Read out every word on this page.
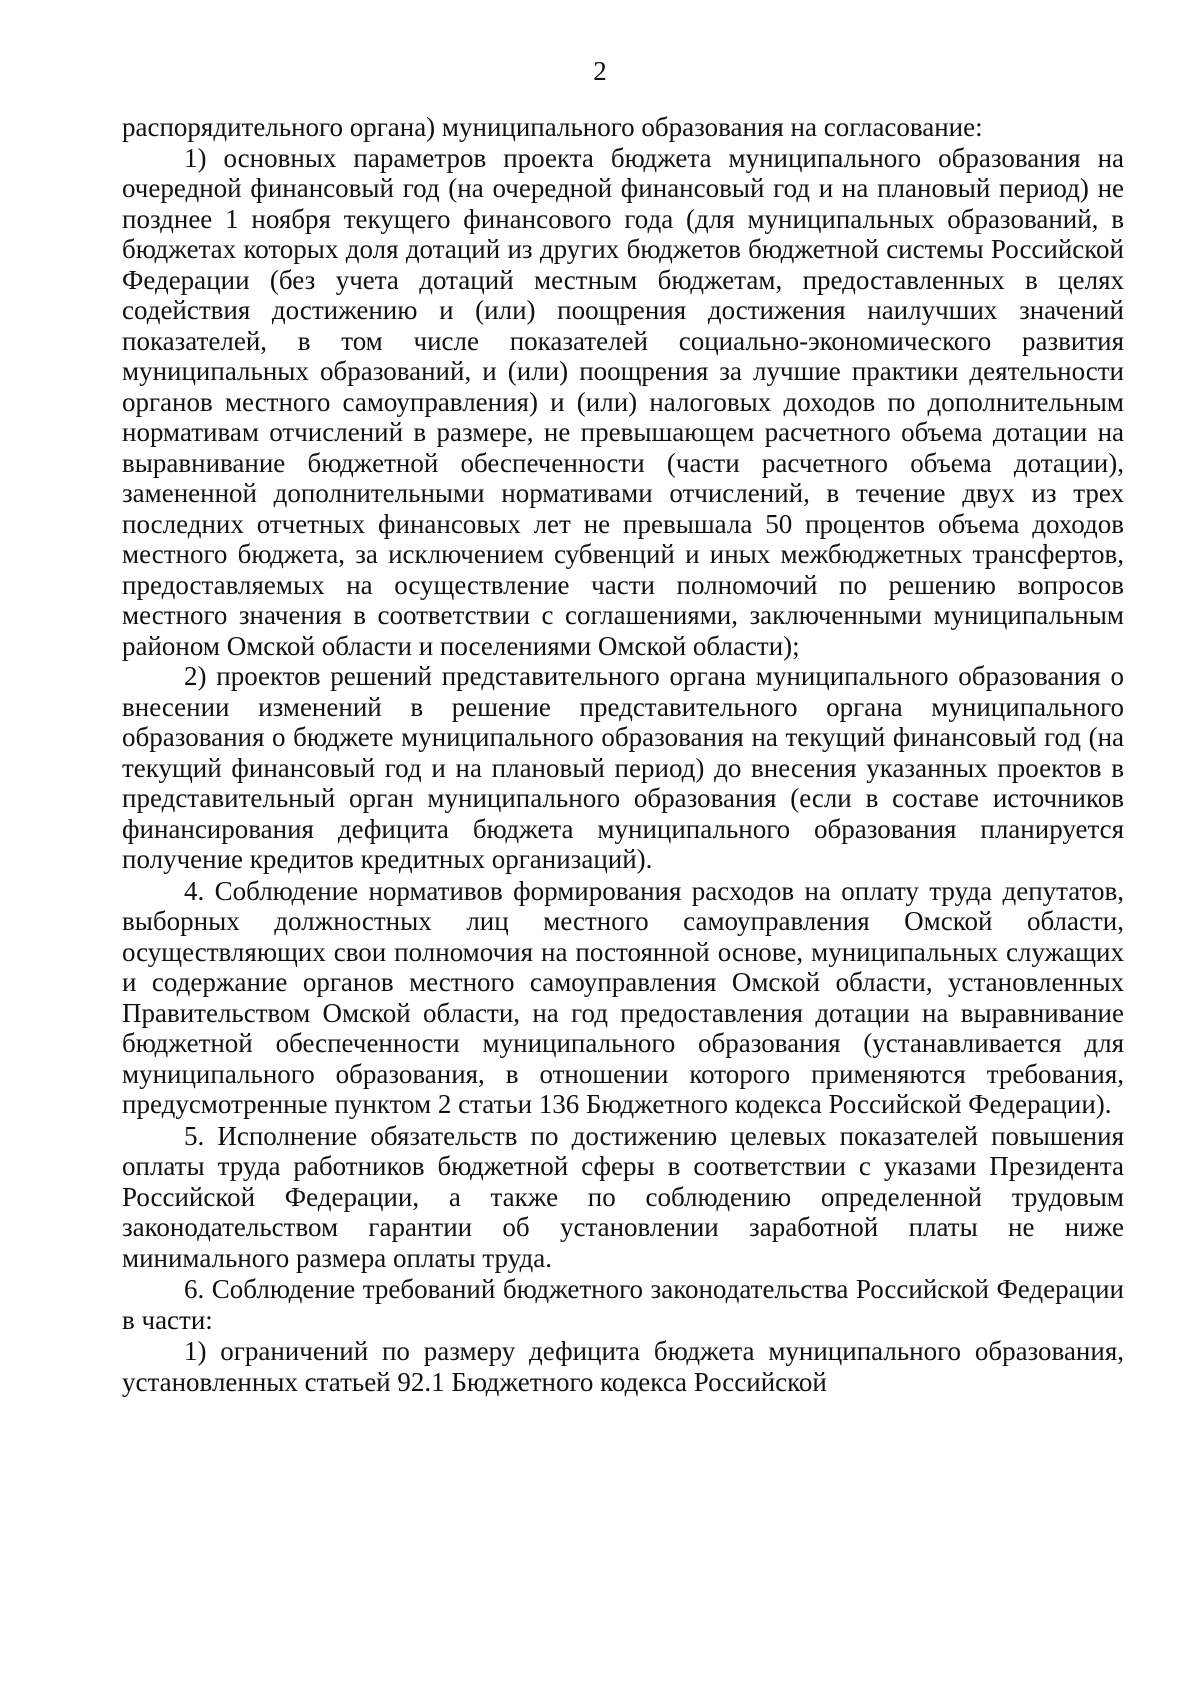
2

распорядительного органа) муниципального образования на согласование:

1) основных параметров проекта бюджета муниципального образования на очередной финансовый год (на очередной финансовый год и на плановый период) не позднее 1 ноября текущего финансового года (для муниципальных образований, в бюджетах которых доля дотаций из других бюджетов бюджетной системы Российской Федерации (без учета дотаций местным бюджетам, предоставленных в целях содействия достижению и (или) поощрения достижения наилучших значений показателей, в том числе показателей социально-экономического развития муниципальных образований, и (или) поощрения за лучшие практики деятельности органов местного самоуправления) и (или) налоговых доходов по дополнительным нормативам отчислений в размере, не превышающем расчетного объема дотации на выравнивание бюджетной обеспеченности (части расчетного объема дотации), замененной дополнительными нормативами отчислений, в течение двух из трех последних отчетных финансовых лет не превышала 50 процентов объема доходов местного бюджета, за исключением субвенций и иных межбюджетных трансфертов, предоставляемых на осуществление части полномочий по решению вопросов местного значения в соответствии с соглашениями, заключенными муниципальным районом Омской области и поселениями Омской области);

2) проектов решений представительного органа муниципального образования о внесении изменений в решение представительного органа муниципального образования о бюджете муниципального образования на текущий финансовый год (на текущий финансовый год и на плановый период) до внесения указанных проектов в представительный орган муниципального образования (если в составе источников финансирования дефицита бюджета муниципального образования планируется получение кредитов кредитных организаций).

4. Соблюдение нормативов формирования расходов на оплату труда депутатов, выборных должностных лиц местного самоуправления Омской области, осуществляющих свои полномочия на постоянной основе, муниципальных служащих и содержание органов местного самоуправления Омской области, установленных Правительством Омской области, на год предоставления дотации на выравнивание бюджетной обеспеченности муниципального образования (устанавливается для муниципального образования, в отношении которого применяются требования, предусмотренные пунктом 2 статьи 136 Бюджетного кодекса Российской Федерации).

5. Исполнение обязательств по достижению целевых показателей повышения оплаты труда работников бюджетной сферы в соответствии с указами Президента Российской Федерации, а также по соблюдению определенной трудовым законодательством гарантии об установлении заработной платы не ниже минимального размера оплаты труда.

6. Соблюдение требований бюджетного законодательства Российской Федерации в части:

1) ограничений по размеру дефицита бюджета муниципального образования, установленных статьей 92.1 Бюджетного кодекса Российской
